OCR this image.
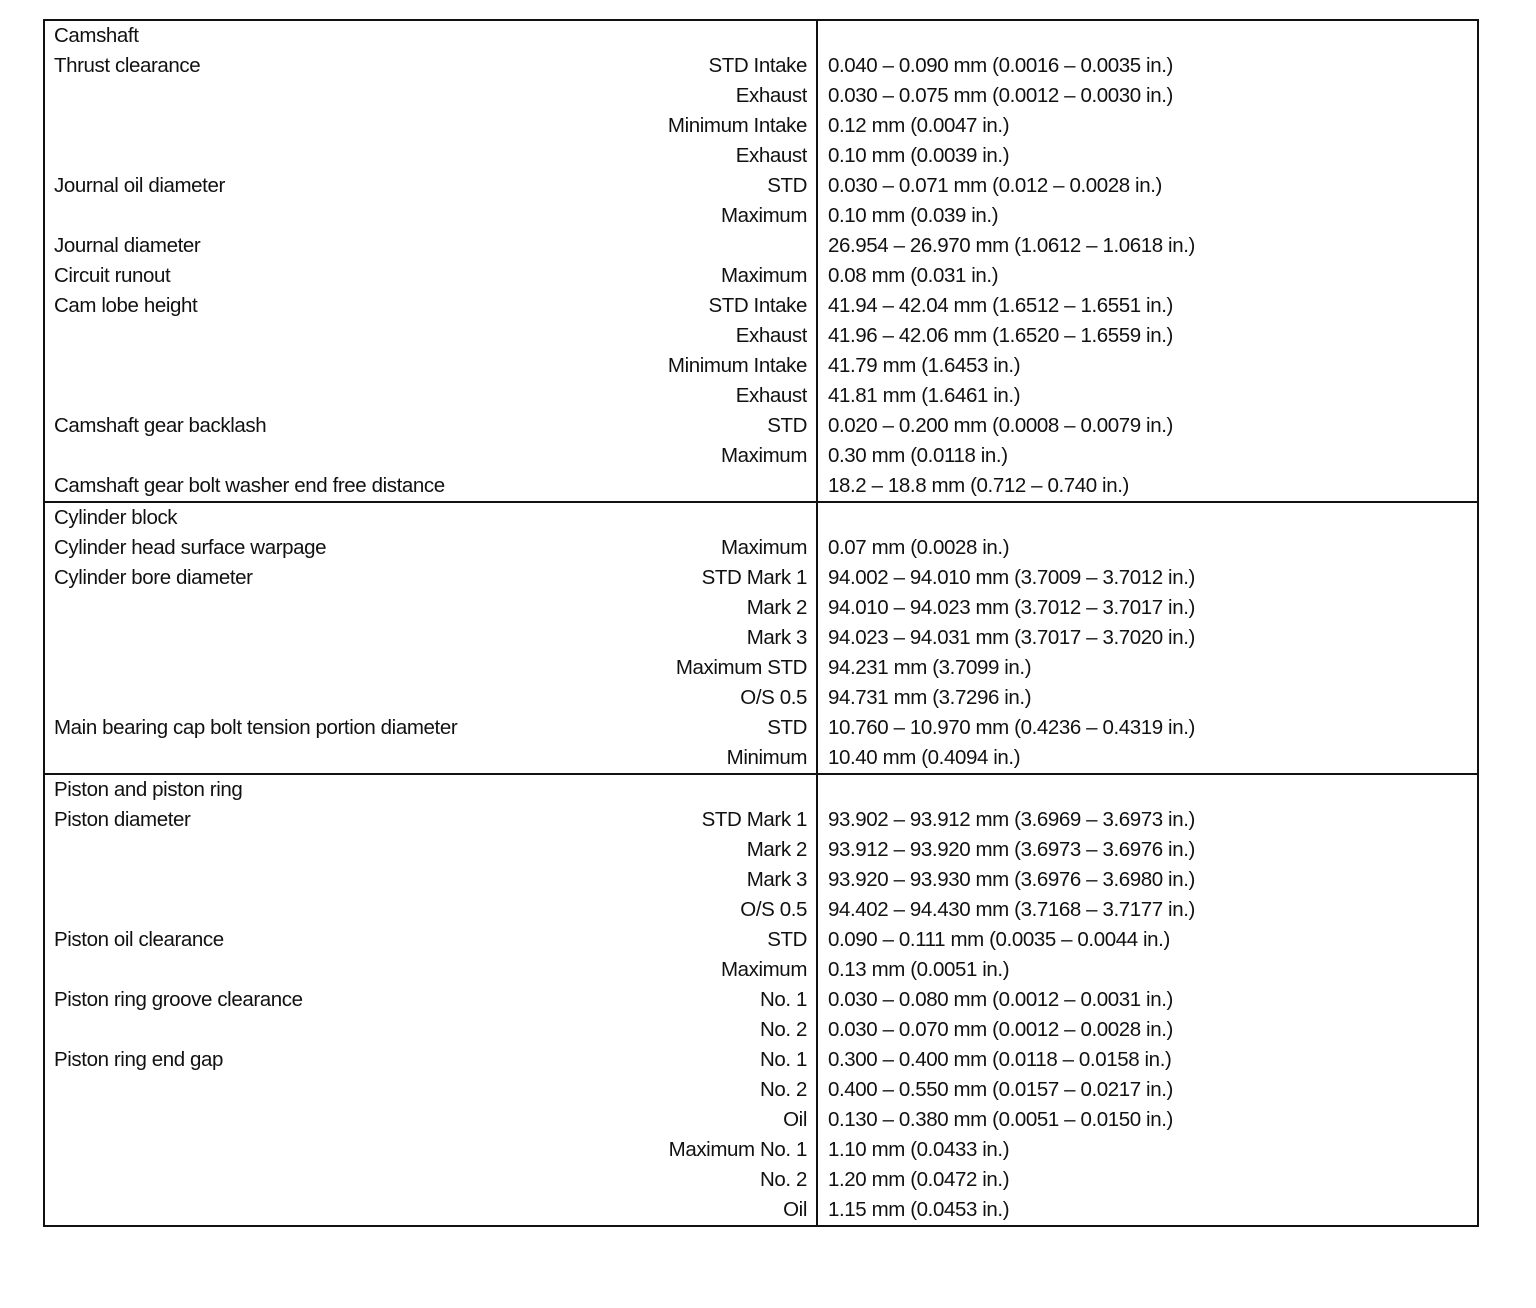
Camshaft
Thrust clearance	STD Intake	0.040 – 0.090 mm (0.0016 – 0.0035 in.)
Exhaust	0.030 – 0.075 mm (0.0012 – 0.0030 in.)
Minimum Intake	0.12 mm (0.0047 in.)
Exhaust	0.10 mm (0.0039 in.)
Journal oil diameter	STD	0.030 – 0.071 mm (0.012 – 0.0028 in.)
Maximum	0.10 mm (0.039 in.)
Journal diameter	26.954 – 26.970 mm (1.0612 – 1.0618 in.)
Circuit runout	Maximum	0.08 mm (0.031 in.)
Cam lobe height	STD Intake	41.94 – 42.04 mm (1.6512 – 1.6551 in.)
Exhaust	41.96 – 42.06 mm (1.6520 – 1.6559 in.)
Minimum Intake	41.79 mm (1.6453 in.)
Exhaust	41.81 mm (1.6461 in.)
Camshaft gear backlash	STD	0.020 – 0.200 mm (0.0008 – 0.0079 in.)
Maximum	0.30 mm (0.0118 in.)
Camshaft gear bolt washer end free distance	18.2 – 18.8 mm (0.712 – 0.740 in.)
Cylinder block
Cylinder head surface warpage	Maximum	0.07 mm (0.0028 in.)
Cylinder bore diameter	STD Mark 1	94.002 – 94.010 mm (3.7009 – 3.7012 in.)
Mark 2	94.010 – 94.023 mm (3.7012 – 3.7017 in.)
Mark 3	94.023 – 94.031 mm (3.7017 – 3.7020 in.)
Maximum STD	94.231 mm (3.7099 in.)
O/S 0.5	94.731 mm (3.7296 in.)
Main bearing cap bolt tension portion diameter	STD	10.760 – 10.970 mm (0.4236 – 0.4319 in.)
Minimum	10.40 mm (0.4094 in.)
Piston and piston ring
Piston diameter	STD Mark 1	93.902 – 93.912 mm (3.6969 – 3.6973 in.)
Mark 2	93.912 – 93.920 mm (3.6973 – 3.6976 in.)
Mark 3	93.920 – 93.930 mm (3.6976 – 3.6980 in.)
O/S 0.5	94.402 – 94.430 mm (3.7168 – 3.7177 in.)
Piston oil clearance	STD	0.090 – 0.111 mm (0.0035 – 0.0044 in.)
Maximum	0.13 mm (0.0051 in.)
Piston ring groove clearance	No. 1	0.030 – 0.080 mm (0.0012 – 0.0031 in.)
No. 2	0.030 – 0.070 mm (0.0012 – 0.0028 in.)
Piston ring end gap	No. 1	0.300 – 0.400 mm (0.0118 – 0.0158 in.)
No. 2	0.400 – 0.550 mm (0.0157 – 0.0217 in.)
Oil	0.130 – 0.380 mm (0.0051 – 0.0150 in.)
Maximum No. 1	1.10 mm (0.0433 in.)
No. 2	1.20 mm (0.0472 in.)
Oil	1.15 mm (0.0453 in.)
